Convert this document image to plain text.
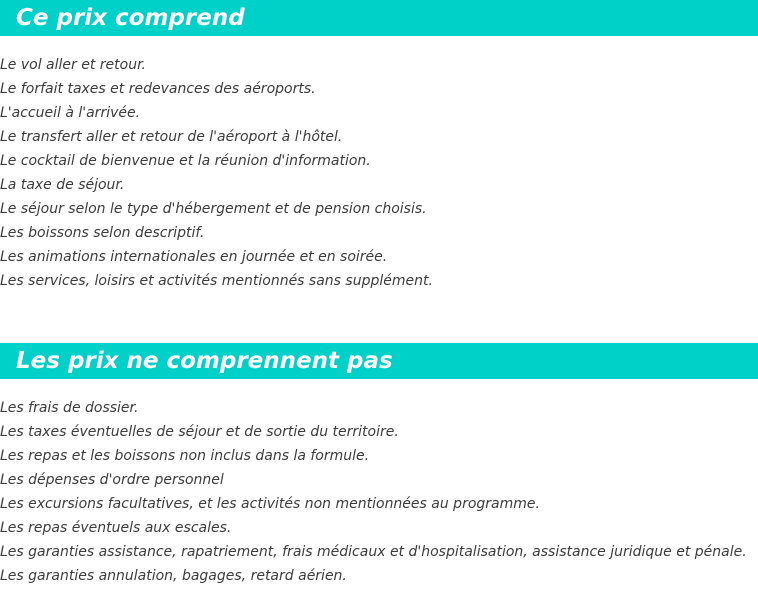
Ce prix comprend
Le vol aller et retour.
Le forfait taxes et redevances des aéroports.
L'accueil à l'arrivée.
Le transfert aller et retour de l'aéroport à l'hôtel.
Le cocktail de bienvenue et la réunion d'information.
La taxe de séjour.
Le séjour selon le type d'hébergement et de pension choisis.
Les boissons selon descriptif.
Les animations internationales en journée et en soirée.
Les services, loisirs et activités mentionnés sans supplément.
Les prix ne comprennent pas
Les frais de dossier.
Les taxes éventuelles de séjour et de sortie du territoire.
Les repas et les boissons non inclus dans la formule.
Les dépenses d'ordre personnel
Les excursions facultatives, et les activités non mentionnées au programme.
Les repas éventuels aux escales.
Les garanties assistance, rapatriement, frais médicaux et d'hospitalisation, assistance juridique et pénale.
Les garanties annulation, bagages, retard aérien.
